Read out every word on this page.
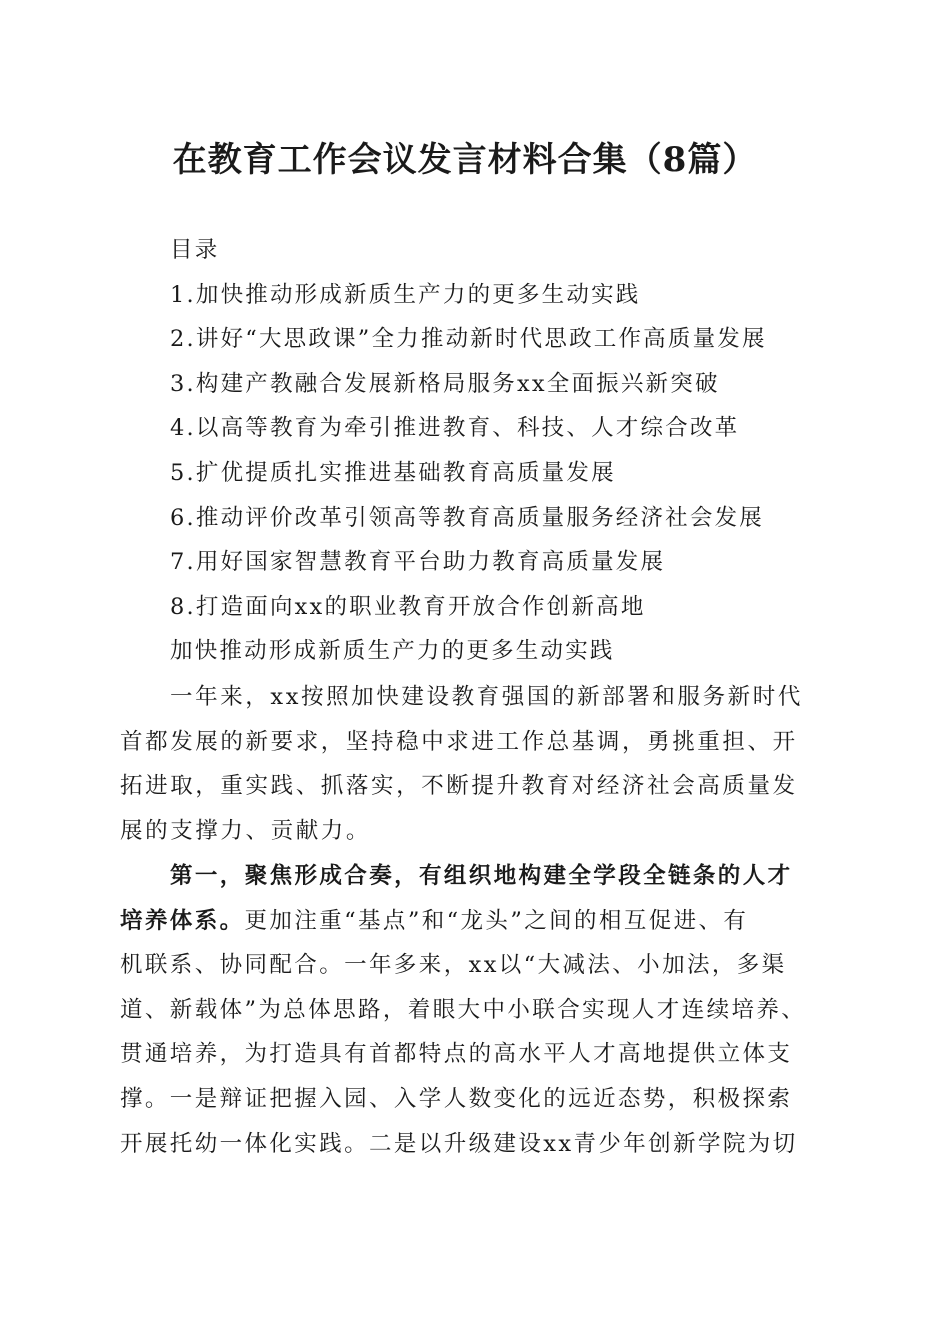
在教育工作会议发言材料合集（8篇）
目录
1.加快推动形成新质生产力的更多生动实践
2.讲好“大思政课”全力推动新时代思政工作高质量发展
3.构建产教融合发展新格局服务xx全面振兴新突破
4.以高等教育为牵引推进教育、科技、人才综合改革
5.扩优提质扎实推进基础教育高质量发展
6.推动评价改革引领高等教育高质量服务经济社会发展
7.用好国家智慧教育平台助力教育高质量发展
8.打造面向xx的职业教育开放合作创新高地
加快推动形成新质生产力的更多生动实践
一年来，xx按照加快建设教育强国的新部署和服务新时代
首都发展的新要求，坚持稳中求进工作总基调，勇挑重担、开
拓进取，重实践、抓落实，不断提升教育对经济社会高质量发
展的支撑力、贡献力。
第一，聚焦形成合奏，有组织地构建全学段全链条的人才
培养体系。更加注重“基点”和“龙头”之间的相互促进、有
机联系、协同配合。一年多来，xx以“大减法、小加法，多渠
道、新载体”为总体思路，着眼大中小联合实现人才连续培养、
贯通培养，为打造具有首都特点的高水平人才高地提供立体支
撑。一是辩证把握入园、入学人数变化的远近态势，积极探索
开展托幼一体化实践。二是以升级建设xx青少年创新学院为切
